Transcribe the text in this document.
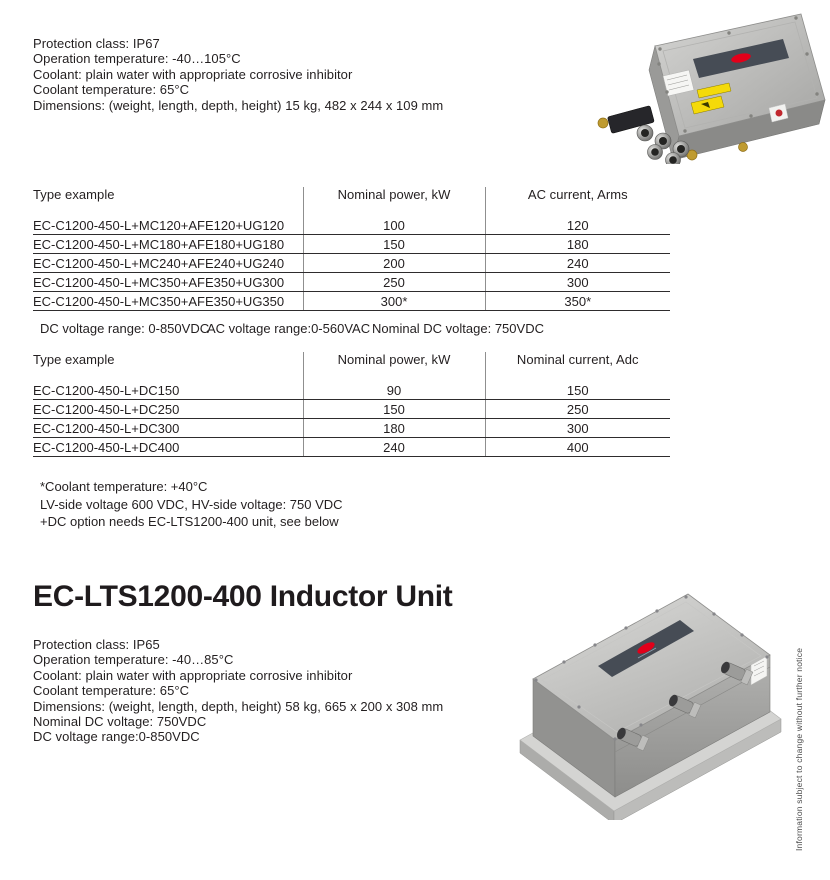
Protection class: IP67
Operation temperature: -40…105°C
Coolant: plain water with appropriate corrosive inhibitor
Coolant temperature: 65°C
Dimensions: (weight, length, depth, height) 15 kg, 482 x 244 x 109 mm
Type example	Nominal power, kW	AC current, Arms
EC-C1200-450-L+MC120+AFE120+UG120	100	120
EC-C1200-450-L+MC180+AFE180+UG180	150	180
EC-C1200-450-L+MC240+AFE240+UG240	200	240
EC-C1200-450-L+MC350+AFE350+UG300	250	300
EC-C1200-450-L+MC350+AFE350+UG350	300*	350*
DC voltage range: 0-850VDC
AC voltage range:0-560VAC Nominal DC voltage: 750VDC
Type example	Nominal power, kW	Nominal current, Adc
EC-C1200-450-L+DC150	90	150
EC-C1200-450-L+DC250	150	250
EC-C1200-450-L+DC300	180	300
EC-C1200-450-L+DC400	240	400
*Coolant temperature: +40°C
LV-side voltage 600 VDC, HV-side voltage: 750 VDC
+DC option needs EC-LTS1200-400 unit, see below
EC-LTS1200-400 Inductor Unit
Protection class: IP65
Operation temperature: -40…85°C
Coolant: plain water with appropriate corrosive inhibitor
Coolant temperature: 65°C
Dimensions: (weight, length, depth, height) 58 kg, 665 x 200 x 308 mm
Nominal DC voltage: 750VDC
DC voltage range:0-850VDC	Information subject to change without further notice
